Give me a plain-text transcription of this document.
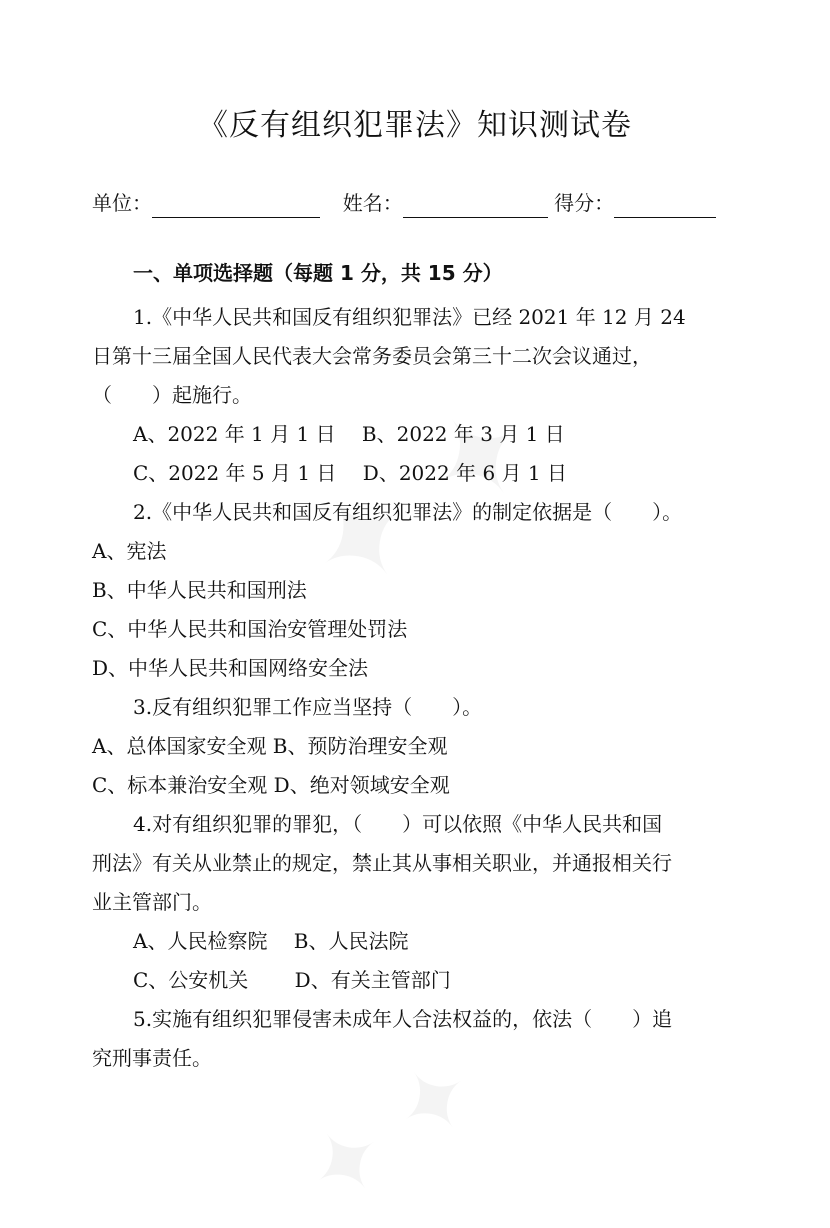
《反有组织犯罪法》知识测试卷
单位：	姓名：	得分：
一、单项选择题（每题 1 分，共 15 分）

1.《中华人民共和国反有组织犯罪法》已经 2021 年 12 月 24

日第十三届全国人民代表大会常务委员会第三十二次会议通过，

（　　）起施行。

A、2022 年 1 月 1 日　 B、2022 年 3 月 1 日

C、2022 年 5 月 1 日　 D、2022 年 6 月 1 日

2.《中华人民共和国反有组织犯罪法》的制定依据是（　　）。

A、宪法

B、中华人民共和国刑法

C、中华人民共和国治安管理处罚法

D、中华人民共和国网络安全法

3.反有组织犯罪工作应当坚持（　　）。

A、总体国家安全观 B、预防治理安全观

C、标本兼治安全观 D、绝对领域安全观

4.对有组织犯罪的罪犯，（　　）可以依照《中华人民共和国

刑法》有关从业禁止的规定，禁止其从事相关职业，并通报相关行

业主管部门。

A、人民检察院　 B、人民法院

C、公安机关　　 D、有关主管部门

5.实施有组织犯罪侵害未成年人合法权益的，依法（　　）追

究刑事责任。
